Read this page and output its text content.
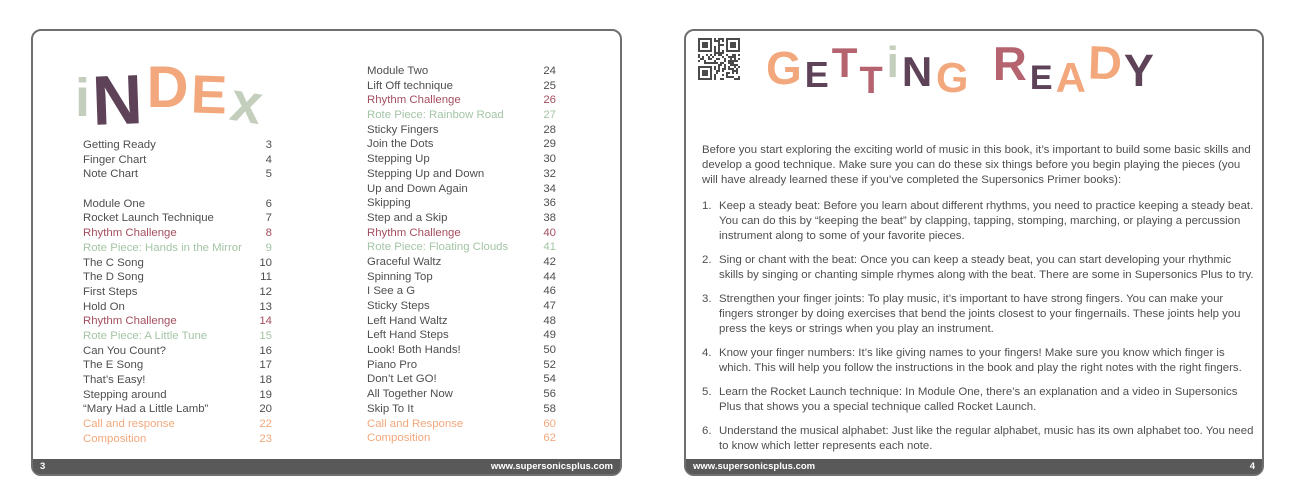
iNDEx
Getting Ready	3
Finger Chart	4
Note Chart	5
Module One	6
Rocket Launch Technique	7
Rhythm Challenge	8
Rote Piece: Hands in the Mirror 9
The C Song	10
The D Song	11
First Steps	12
Hold On	13
Rhythm Challenge	14
Rote Piece: A Little Tune	15
Can You Count?	16
The E Song	17
That’s Easy!	18
Stepping around	19
“Mary Had a Little Lamb”	20
Call and response	22
Composition	23
Module Two	24
Lift Off technique	25
Rhythm Challenge	26
Rote Piece: Rainbow Road	27
Sticky Fingers	28
Join the Dots	29
Stepping Up	30
Stepping Up and Down	32
Up and Down Again	34
Skipping	36
Step and a Skip	38
Rhythm Challenge	40
Rote Piece: Floating Clouds	41
Graceful Waltz	42
Spinning Top	44
I See a G	46
Sticky Steps	47
Left Hand Waltz	48
Left Hand Steps	49
Look! Both Hands!	50
Piano Pro	52
Don’t Let GO!	54
All Together Now	56
Skip To It	58
Call and Response	60
Composition	62
3	www.supersonicsplus.com
GETTiNG READY

Before you start exploring the exciting world of music in this book, it’s important to build some basic skills and develop a good technique. Make sure you can do these six things before you begin playing the pieces (you will have already learned these if you’ve completed the Supersonics Primer books):

1. Keep a steady beat: Before you learn about different rhythms, you need to practice keeping a steady beat. You can do this by “keeping the beat” by clapping, tapping, stomping, marching, or playing a percussion instrument along to some of your favorite pieces.
2. Sing or chant with the beat: Once you can keep a steady beat, you can start developing your rhythmic skills by singing or chanting simple rhymes along with the beat. There are some in Supersonics Plus to try.
3. Strengthen your finger joints: To play music, it’s important to have strong fingers. You can make your fingers stronger by doing exercises that bend the joints closest to your fingernails. These joints help you press the keys or strings when you play an instrument.
4. Know your finger numbers: It’s like giving names to your fingers! Make sure you know which finger is which. This will help you follow the instructions in the book and play the right notes with the right fingers.
5. Learn the Rocket Launch technique: In Module One, there’s an explanation and a video in Supersonics Plus that shows you a special technique called Rocket Launch.
6. Understand the musical alphabet: Just like the regular alphabet, music has its own alphabet too. You need to know which letter represents each note.
www.supersonicsplus.com	4
